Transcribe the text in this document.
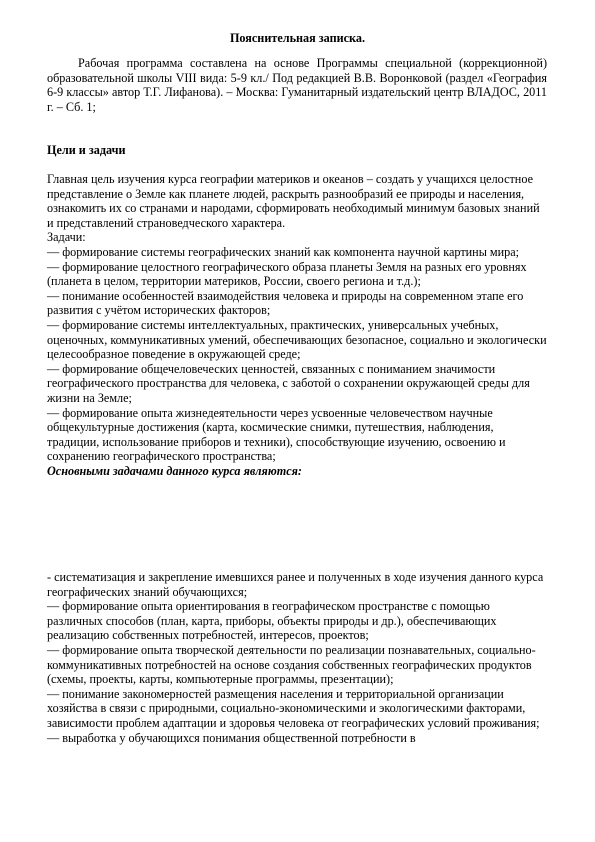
Пояснительная записка.

Рабочая программа составлена на основе Программы специальной (коррекционной) образовательной школы VIII вида: 5-9 кл./ Под редакцией В.В. Воронковой (раздел «География 6-9 классы» автор Т.Г. Лифанова). – Москва: Гуманитарный издательский центр ВЛАДОС, 2011 г. – Сб. 1;

Цели и задачи

Главная цель изучения курса географии материков и океанов – создать у учащихся целостное представление о Земле как планете людей, раскрыть разнообразий ее природы и населения, ознакомить их со странами и народами, сформировать необходимый минимум базовых знаний и представлений страноведческого характера.

Задачи:

— формирование системы географических знаний как компонента научной картины мира;

— формирование целостного географического образа планеты Земля на разных его уровнях (планета в целом, территории материков, России, своего региона и т.д.);

— понимание особенностей взаимодействия человека и природы на современном этапе его развития с учётом исторических факторов;

— формирование системы интеллектуальных, практических, универсальных учебных, оценочных, коммуникативных умений, обеспечивающих безопасное, социально и экологически целесообразное поведение в окружающей среде;

— формирование общечеловеческих ценностей, связанных с пониманием значимости географического пространства для человека, с заботой о сохранении окружающей среды для жизни на Земле;

— формирование опыта жизнедеятельности через усвоенные человечеством научные общекультурные достижения (карта, космические снимки, путешествия, наблюдения, традиции, использование приборов и техники), способствующие изучению, освоению и сохранению географического пространства;

Основными задачами данного курса являются:

- систематизация и закрепление имевшихся ранее и полученных в ходе изучения данного курса географических знаний обучающихся;

— формирование опыта ориентирования в географическом пространстве с помощью различных способов (план, карта, приборы, объекты природы и др.), обеспечивающих реализацию собственных потребностей, интересов, проектов;

— формирование опыта творческой деятельности по реализации познавательных, социально-коммуникативных потребностей на основе создания собственных географических продуктов (схемы, проекты, карты, компьютерные программы, презентации);

— понимание закономерностей размещения населения и территориальной организации хозяйства в связи с природными, социально-экономическими и экологическими факторами, зависимости проблем адаптации и здоровья человека от географических условий проживания;

— выработка у обучающихся понимания общественной потребности в
